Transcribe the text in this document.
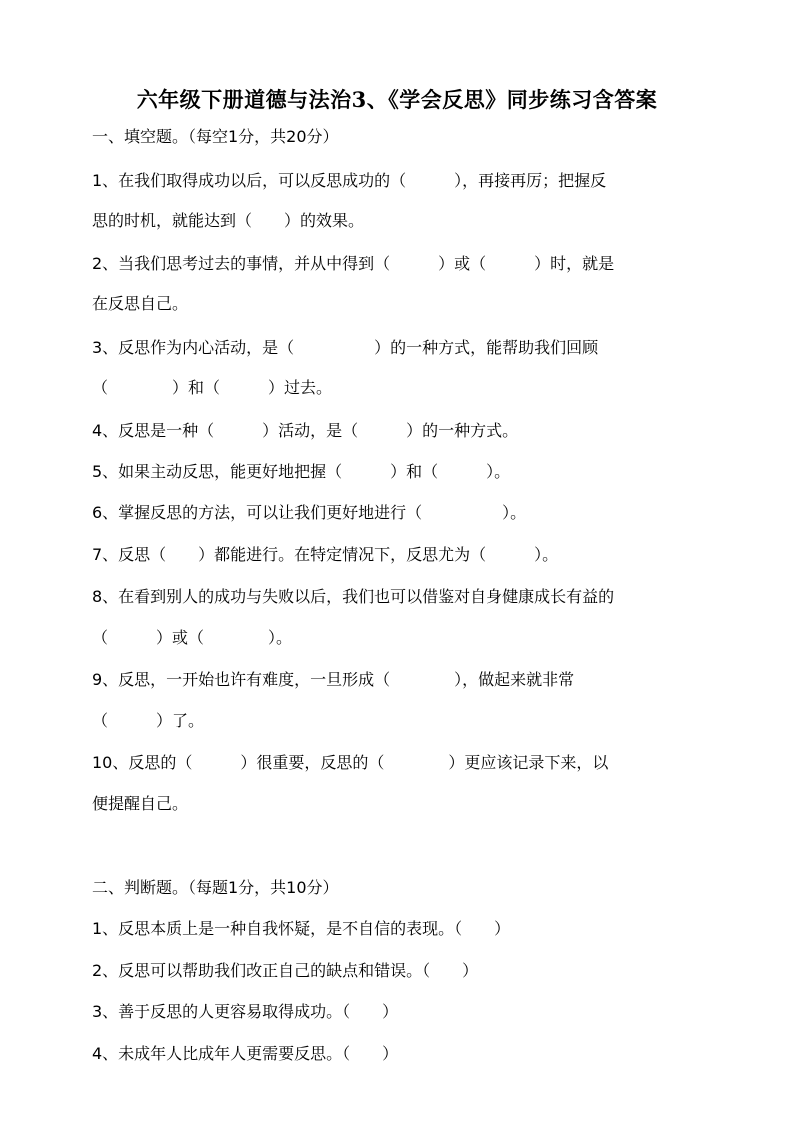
六年级下册道德与法治3、《学会反思》同步练习含答案
一、填空题。（每空1分，共20分）
1、在我们取得成功以后，可以反思成功的（　　　），再接再厉；把握反
思的时机，就能达到（　　）的效果。
2、当我们思考过去的事情，并从中得到（　　　）或（　　　）时，就是
在反思自己。
3、反思作为内心活动，是（　　　　　）的一种方式，能帮助我们回顾
（　　　　）和（　　　）过去。
4、反思是一种（　　　）活动，是（　　　）的一种方式。
5、如果主动反思，能更好地把握（　　　）和（　　　）。
6、掌握反思的方法，可以让我们更好地进行（　　　　　）。
7、反思（　　）都能进行。在特定情况下，反思尤为（　　　）。
8、在看到别人的成功与失败以后，我们也可以借鉴对自身健康成长有益的
（　　　）或（　　　　）。
9、反思，一开始也许有难度，一旦形成（　　　　），做起来就非常
（　　　）了。
10、反思的（　　　）很重要，反思的（　　　　）更应该记录下来，以
便提醒自己。
二、判断题。（每题1分，共10分）
1、反思本质上是一种自我怀疑，是不自信的表现。（　　）
2、反思可以帮助我们改正自己的缺点和错误。（　　）
3、善于反思的人更容易取得成功。（　　）
4、未成年人比成年人更需要反思。（　　）
